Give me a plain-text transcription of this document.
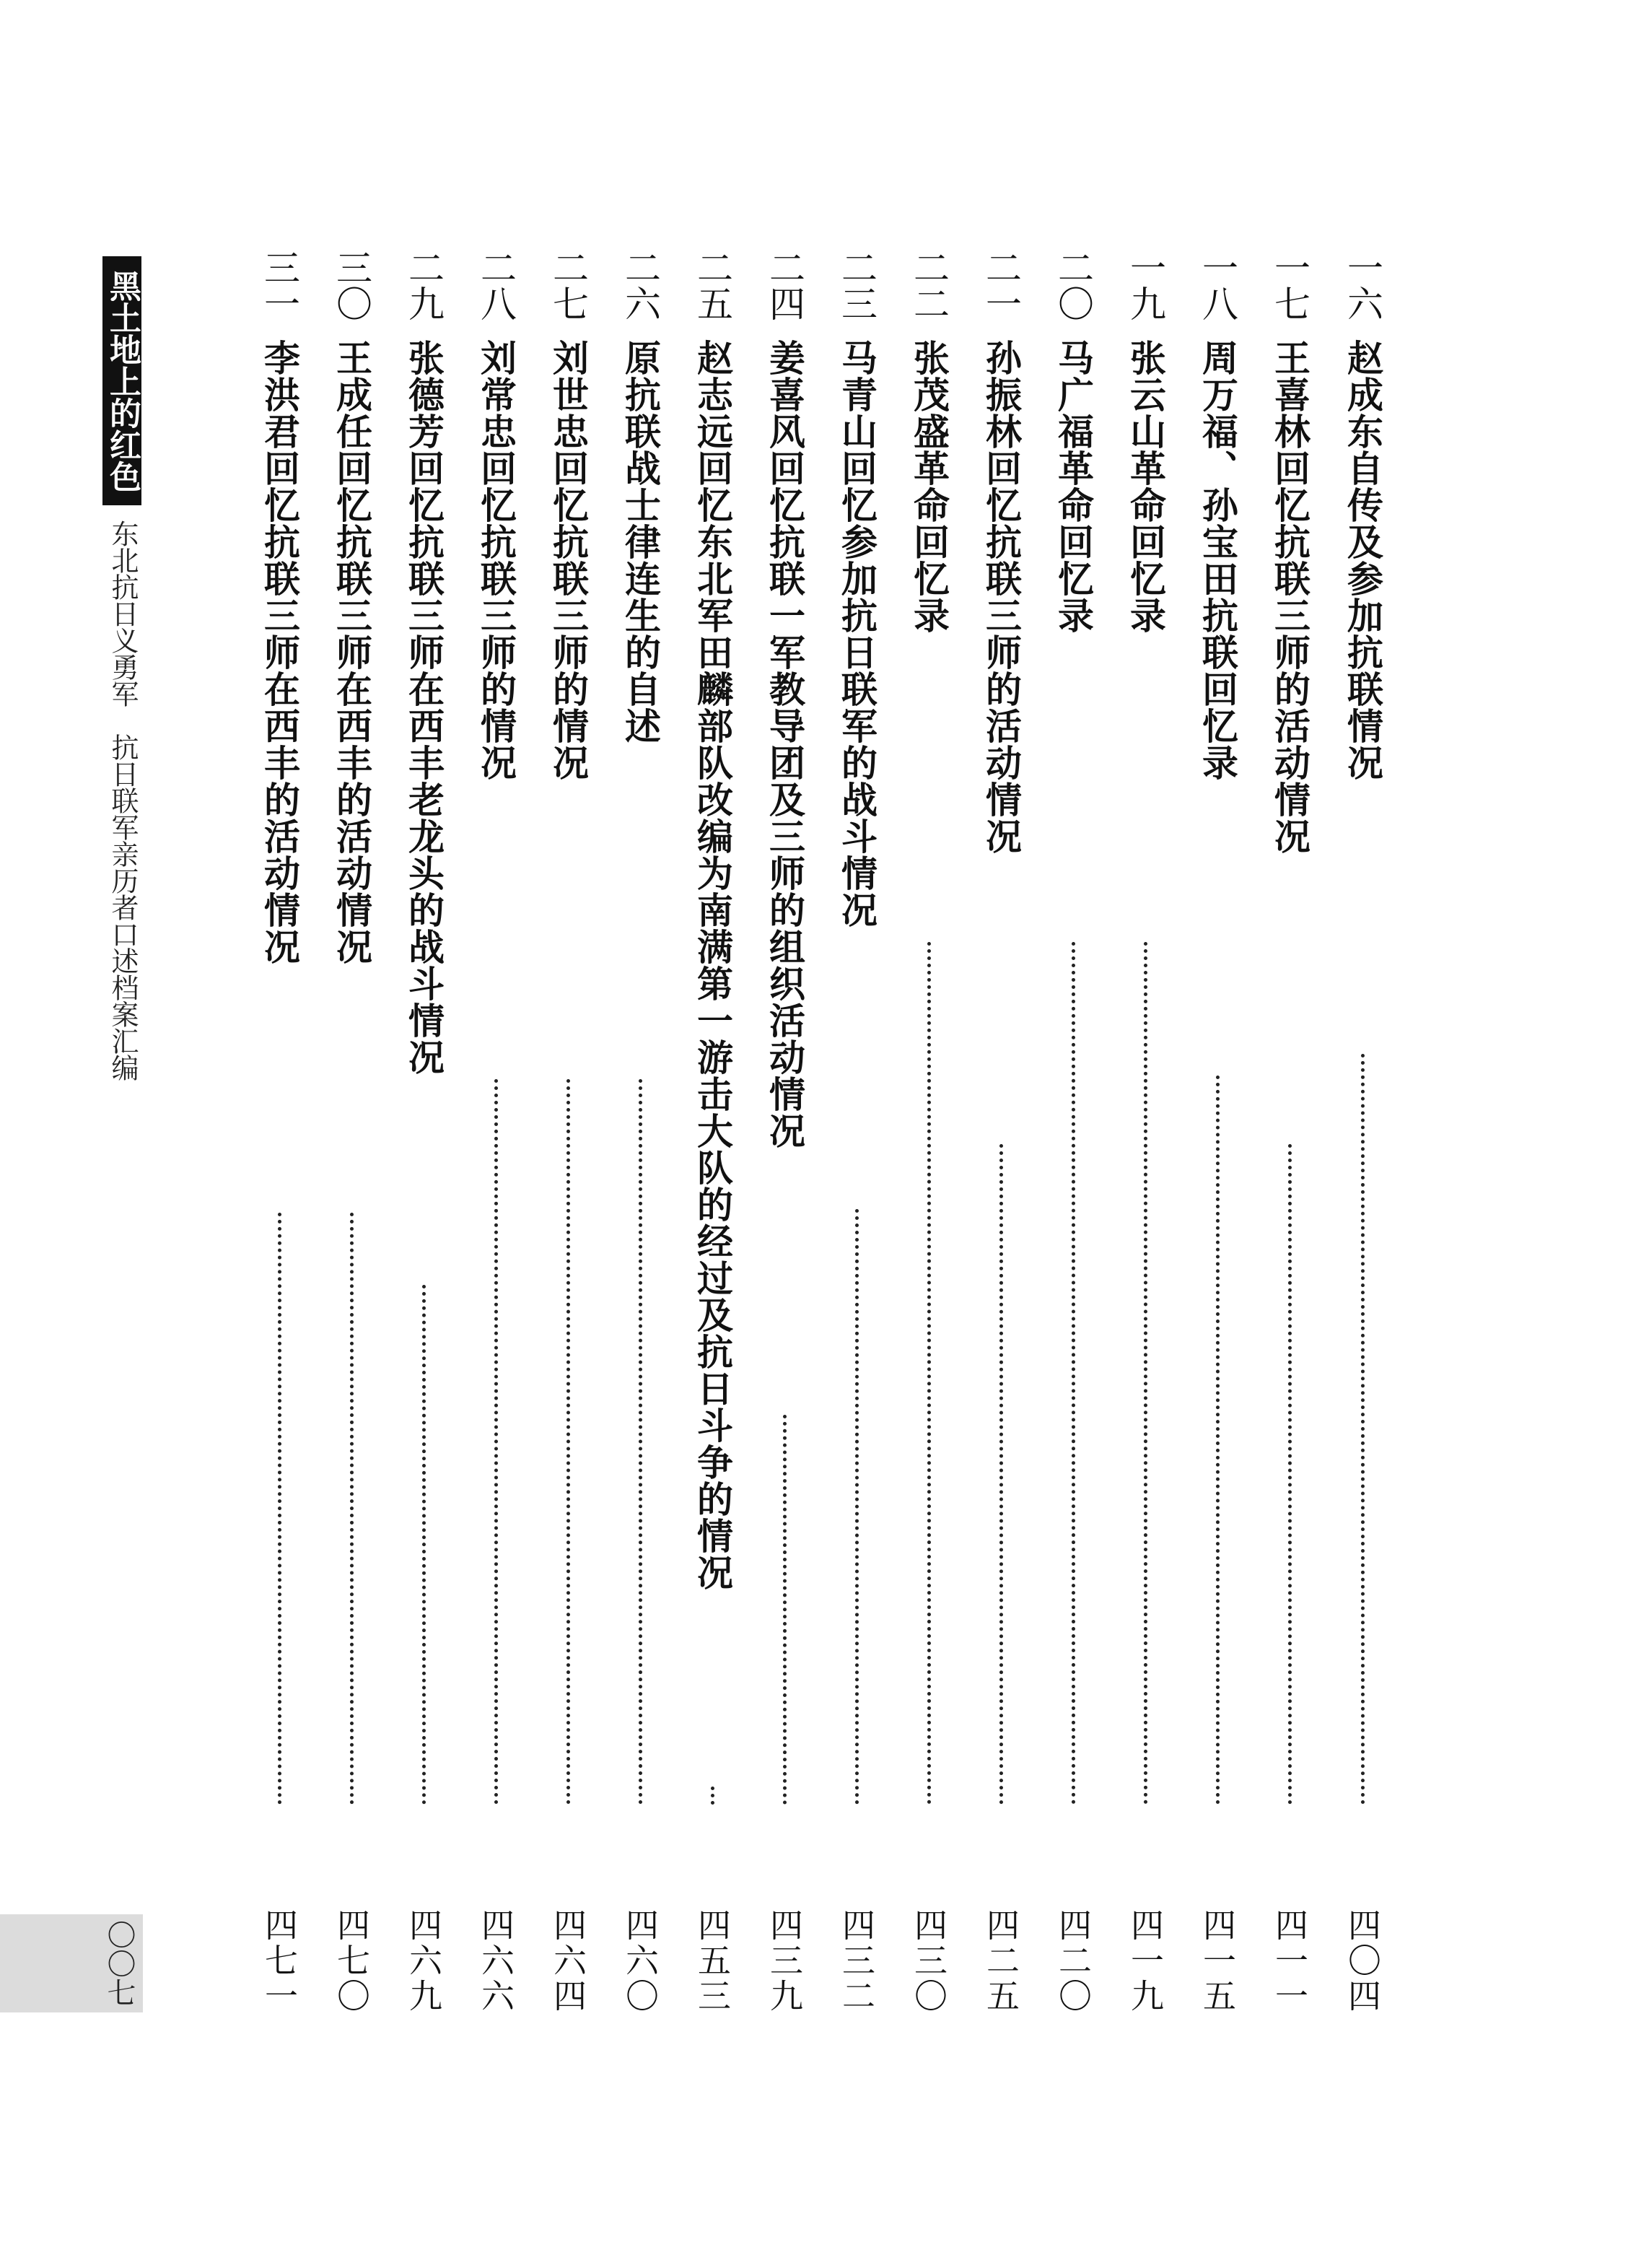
黑土地上的红色记忆
东北抗日义勇军　抗日联军亲历者口述档案汇编
〇〇七
一六
赵成东自传及参加抗联情况
四〇四
一七
王喜林回忆抗联三师的活动情况
四一一
一八
周万福、孙宝田抗联回忆录
四一五
一九
张云山革命回忆录
四一九
二〇
马广福革命回忆录
四二〇
二一
孙振林回忆抗联三师的活动情况
四二五
二二
张茂盛革命回忆录
四三〇
二三
马青山回忆参加抗日联军的战斗情况
四三二
二四
姜喜风回忆抗联一军教导团及三师的组织活动情况
四三九
二五
赵志远回忆东北军田麟部队改编为南满第一游击大队的经过及抗日斗争的情况
四五三
二六
原抗联战士律连生的自述
四六〇
二七
刘世忠回忆抗联三师的情况
四六四
二八
刘常忠回忆抗联三师的情况
四六六
二九
张德芳回忆抗联三师在西丰老龙头的战斗情况
四六九
三〇
王成任回忆抗联三师在西丰的活动情况
四七〇
三一
李洪君回忆抗联三师在西丰的活动情况
四七一
